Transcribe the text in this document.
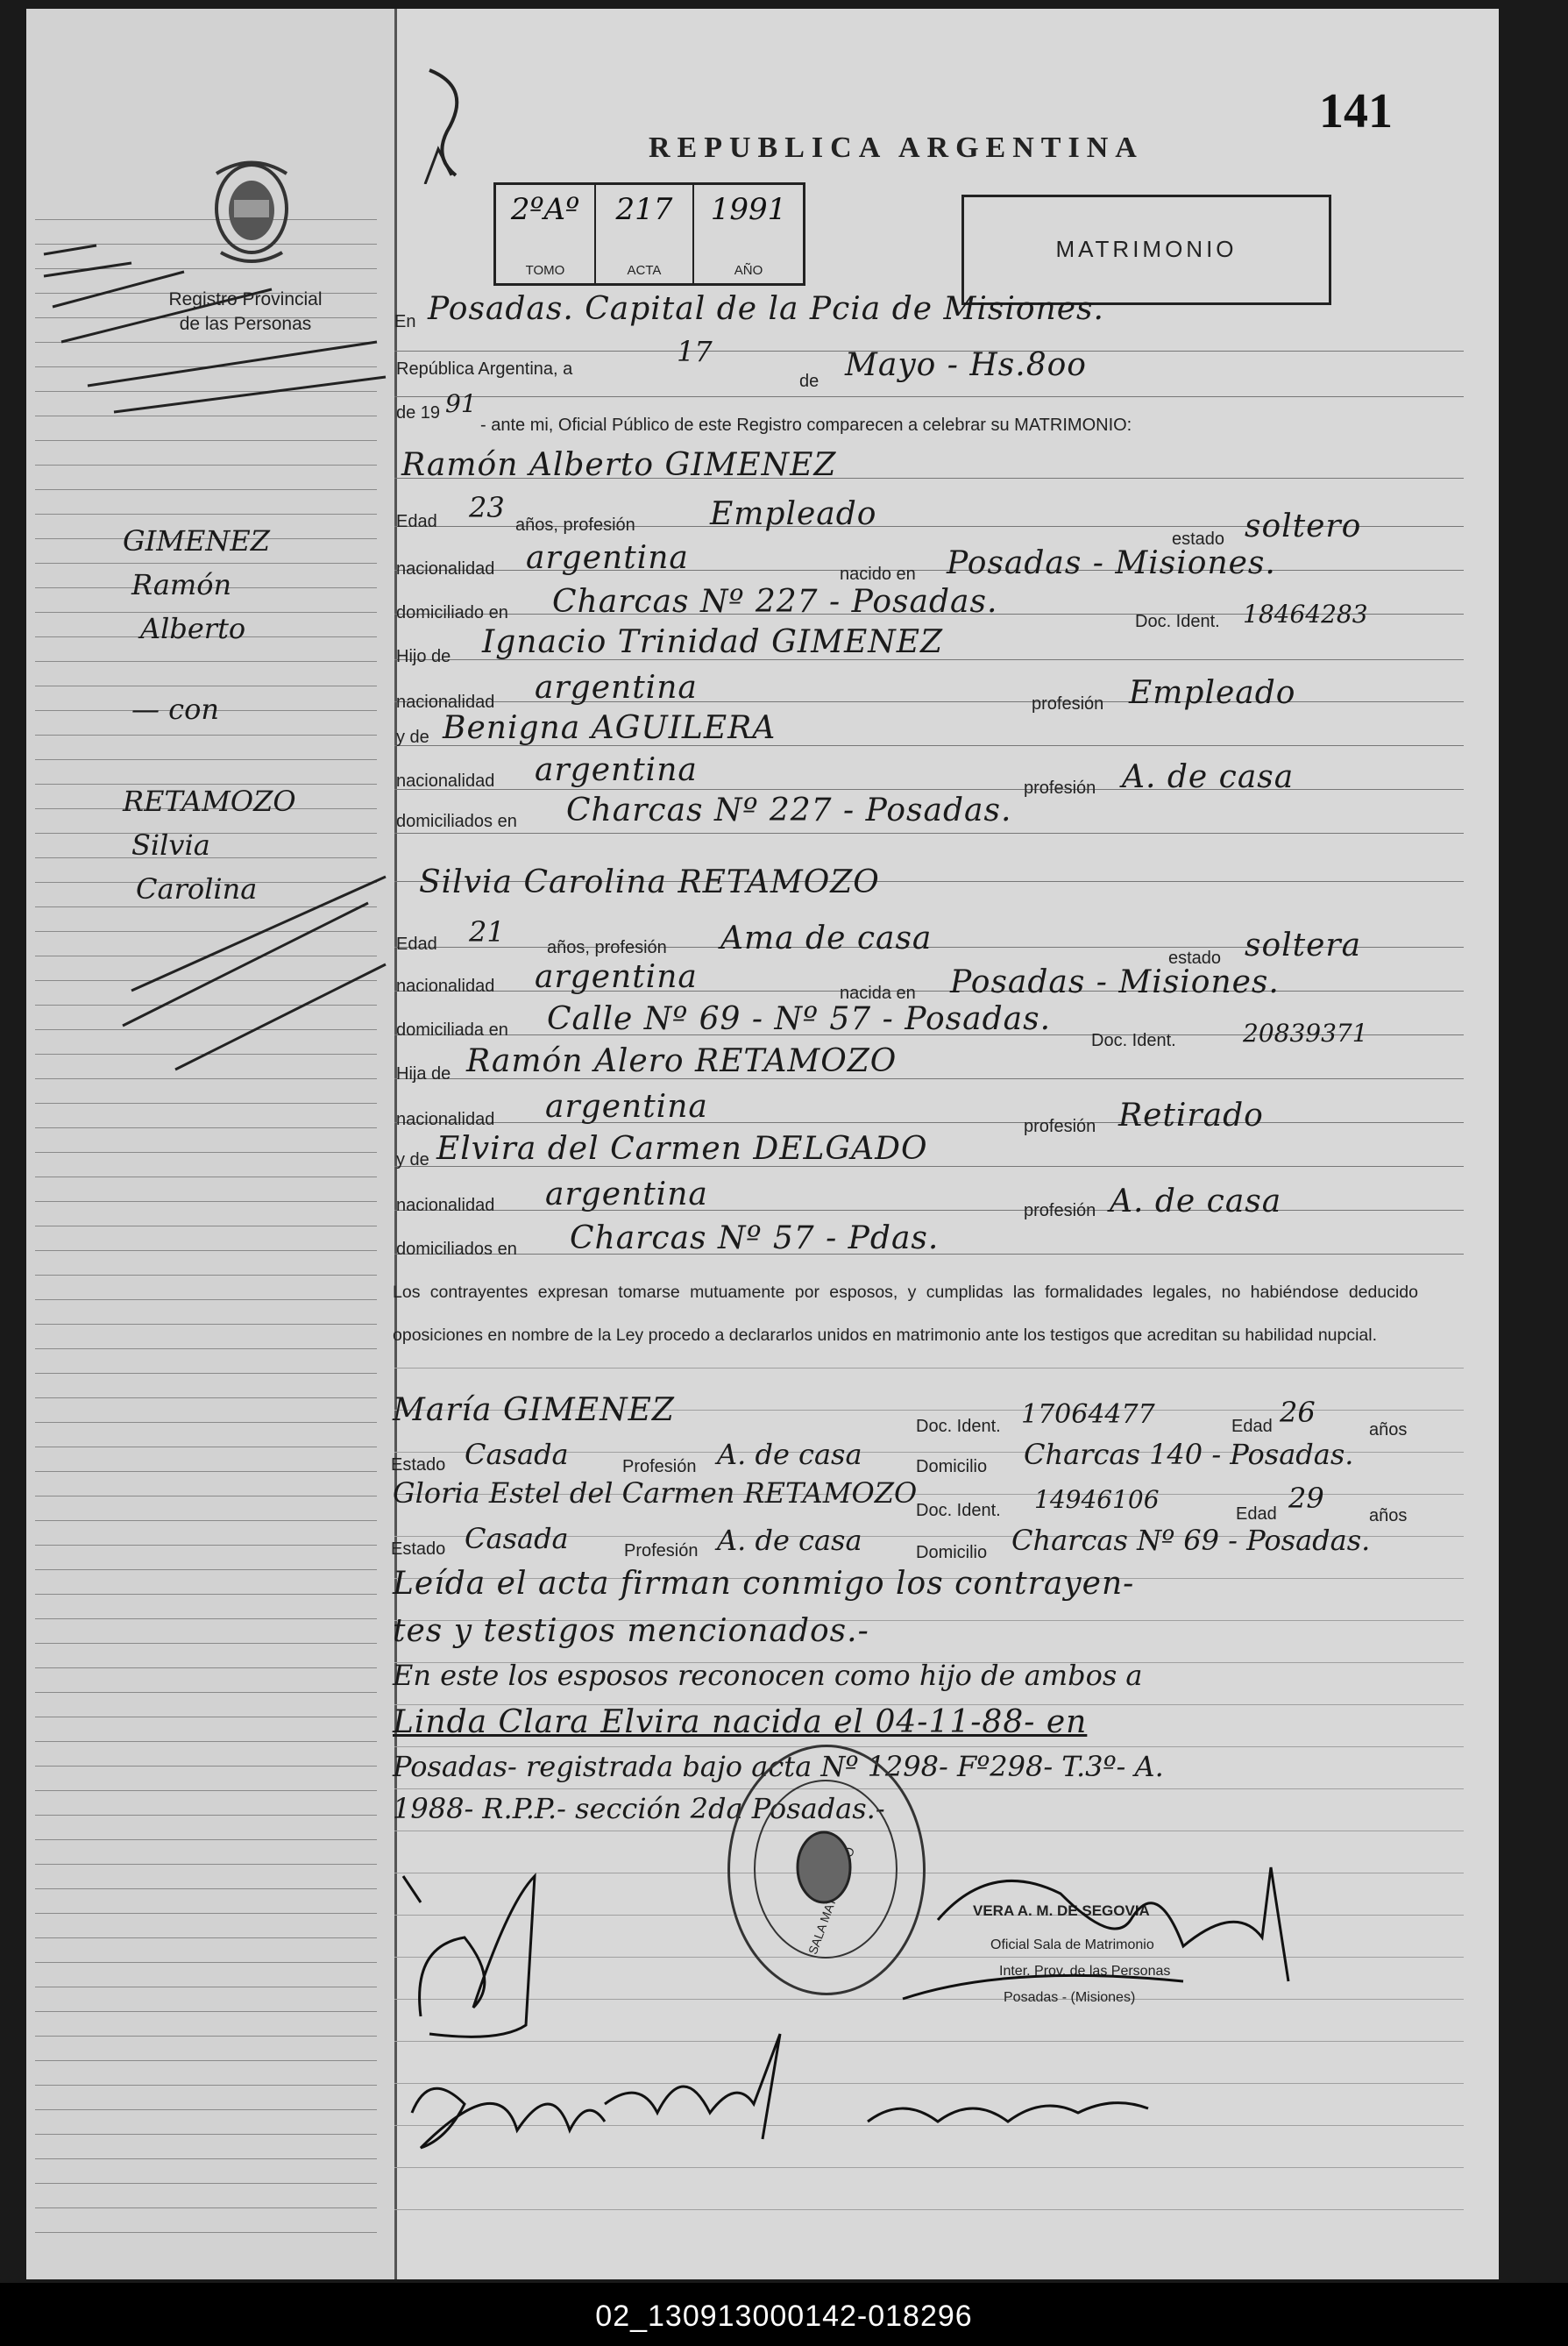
Registro Provincial
de las Personas
GIMENEZ
Ramón
Alberto
— con
RETAMOZO
Silvia
Carolina
REPUBLICA ARGENTINA
141
2ºAº
TOMO
217
ACTA
1991
AÑO
MATRIMONIO
En Posadas. Capital de la Pcia de Misiones.
República Argentina, a
17
de Mayo - Hs.8oo
de 19 91
- ante mi, Oficial Público de este Registro comparecen a celebrar su MATRIMONIO:
Ramón Alberto GIMENEZ
Edad 23
años, profesión Empleado
estado soltero
nacionalidad argentina	nacido en Posadas - Misiones.
domiciliado en Charcas Nº 227 - Posadas.
Doc. Ident. 18464283
Hijo de Ignacio Trinidad GIMENEZ
nacionalidad argentina	profesión Empleado
y de Benigna AGUILERA
nacionalidad argentina	profesión A. de casa
domiciliados en Charcas Nº 227 - Posadas.
Silvia Carolina RETAMOZO
Edad 21 años, profesión Ama de casa
estado soltera
nacionalidad argentina	nacida en Posadas - Misiones.
domiciliada en Calle Nº 69 - Nº 57 - Posadas.
Doc. Ident.	20839371
Hija de Ramón Alero RETAMOZO
nacionalidad argentina
profesión Retirado
y de Elvira del Carmen DELGADO
nacionalidad argentina	profesión A. de casa
domiciliados en Charcas Nº 57 - Pdas.
Los contrayentes expresan tomarse mutuamente por esposos, y cumplidas las formalidades legales, no habiéndose deducido oposiciones en nombre de la Ley procedo a declararlos unidos en matrimonio ante los testigos que acreditan su habilidad nupcial.
María GIMENEZ	Doc. Ident. 17064477	Edad 26
años
Estado Casada	Profesión A. de casa	Domicilio Charcas 140 - Posadas.
Gloria Estel del Carmen RETAMOZO
Doc. Ident. 14946106	Edad 29
años
Estado Casada	Profesión A. de casa	Domicilio Charcas Nº 69 - Posadas.
Leída el acta firman conmigo los contrayen-
tes y testigos mencionados.-
En este los esposos reconocen como hijo de ambos a
Linda Clara Elvira nacida el 04-11-88- en
Posadas- registrada bajo acta Nº 1298- Fº298- T.3º- A.
1988- R.P.P.- sección 2da Posadas.-
SALA
VERA A. M. DE SEGOVIA
Oficial Sala de Matrimonio
Inter. Prov. de las Personas
Posadas - (Misiones)
02_130913000142-018296
